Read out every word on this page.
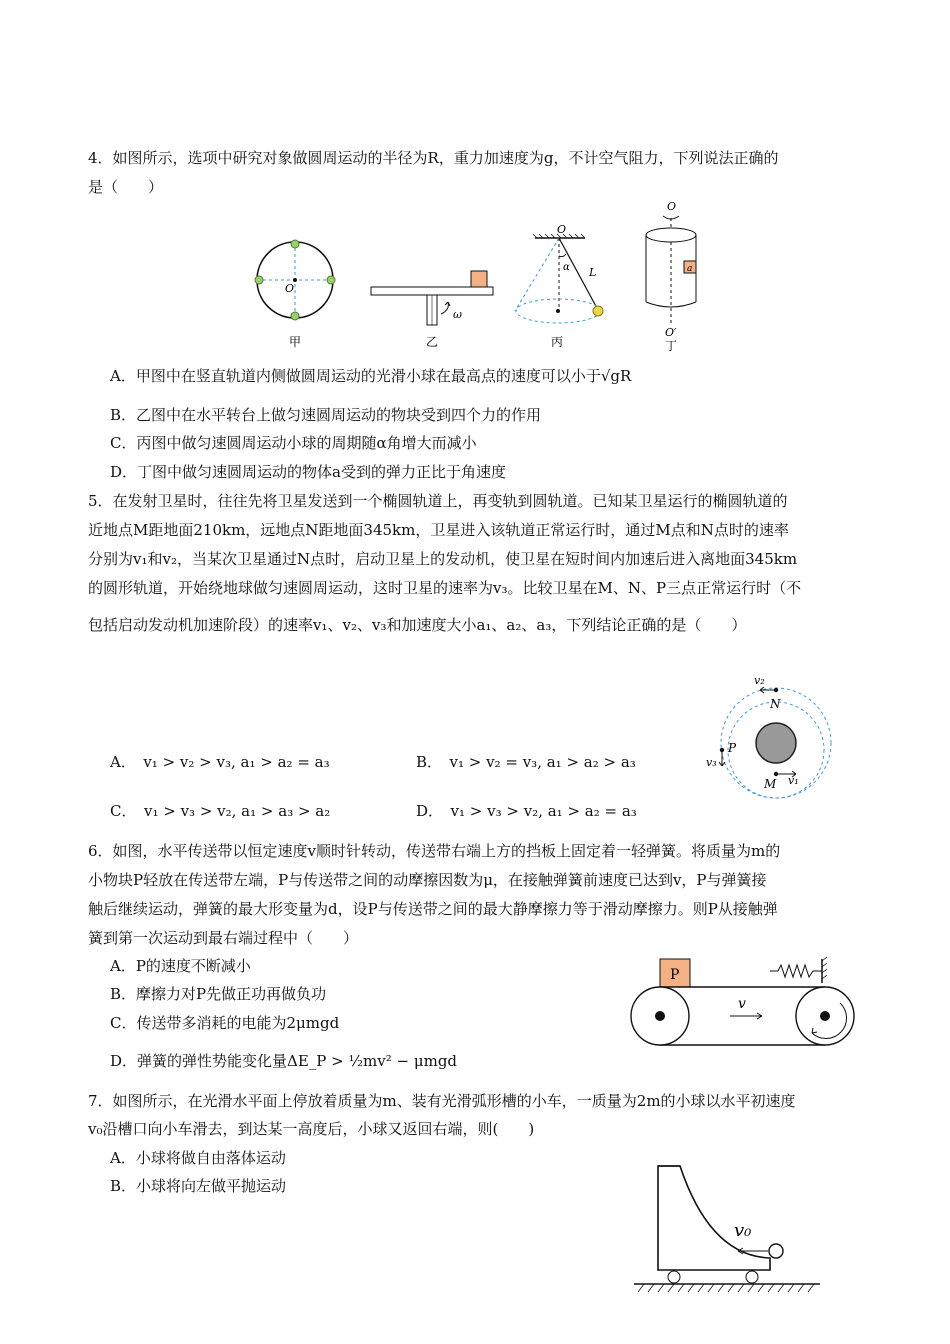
4．如图所示，选项中研究对象做圆周运动的半径为R，重力加速度为g，不计空气阻力，下列说法正确的
是（　　）
O
甲
ω
乙
O
α L
丙
a
O
O′
丁
A．甲图中在竖直轨道内侧做圆周运动的光滑小球在最高点的速度可以小于√gR
B．乙图中在水平转台上做匀速圆周运动的物块受到四个力的作用
C．丙图中做匀速圆周运动小球的周期随α角增大而减小
D．丁图中做匀速圆周运动的物体a受到的弹力正比于角速度
5．在发射卫星时，往往先将卫星发送到一个椭圆轨道上，再变轨到圆轨道。已知某卫星运行的椭圆轨道的
近地点M距地面210km，远地点N距地面345km，卫星进入该轨道正常运行时，通过M点和N点时的速率
分别为v₁和v₂，当某次卫星通过N点时，启动卫星上的发动机，使卫星在短时间内加速后进入离地面345km
的圆形轨道，开始绕地球做匀速圆周运动，这时卫星的速率为v₃。比较卫星在M、N、P三点正常运行时（不
包括启动发动机加速阶段）的速率v₁、v₂、v₃和加速度大小a₁、a₂、a₃，下列结论正确的是（　　）
A．　v₁ > v₂ > v₃, a₁ > a₂ = a₃	B．　v₁ > v₂ = v₃, a₁ > a₂ > a₃
C．　v₁ > v₃ > v₂, a₁ > a₃ > a₂	D．　v₁ > v₃ > v₂, a₁ > a₂ = a₃
v₂
N
P
v₃
M v₁
6．如图，水平传送带以恒定速度v顺时针转动，传送带右端上方的挡板上固定着一轻弹簧。将质量为m的
小物块P轻放在传送带左端，P与传送带之间的动摩擦因数为μ，在接触弹簧前速度已达到v，P与弹簧接
触后继续运动，弹簧的最大形变量为d，设P与传送带之间的最大静摩擦力等于滑动摩擦力。则P从接触弹
簧到第一次运动到最右端过程中（　　）
A．P的速度不断减小
B．摩擦力对P先做正功再做负功
C．传送带多消耗的电能为2μmgd
D．弹簧的弹性势能变化量ΔE_P > ½mv² − μmgd
P
v
7．如图所示，在光滑水平面上停放着质量为m、装有光滑弧形槽的小车，一质量为2m的小球以水平初速度
v₀沿槽口向小车滑去，到达某一高度后，小球又返回右端，则(　　)
A．小球将做自由落体运动
B．小球将向左做平抛运动
v₀
